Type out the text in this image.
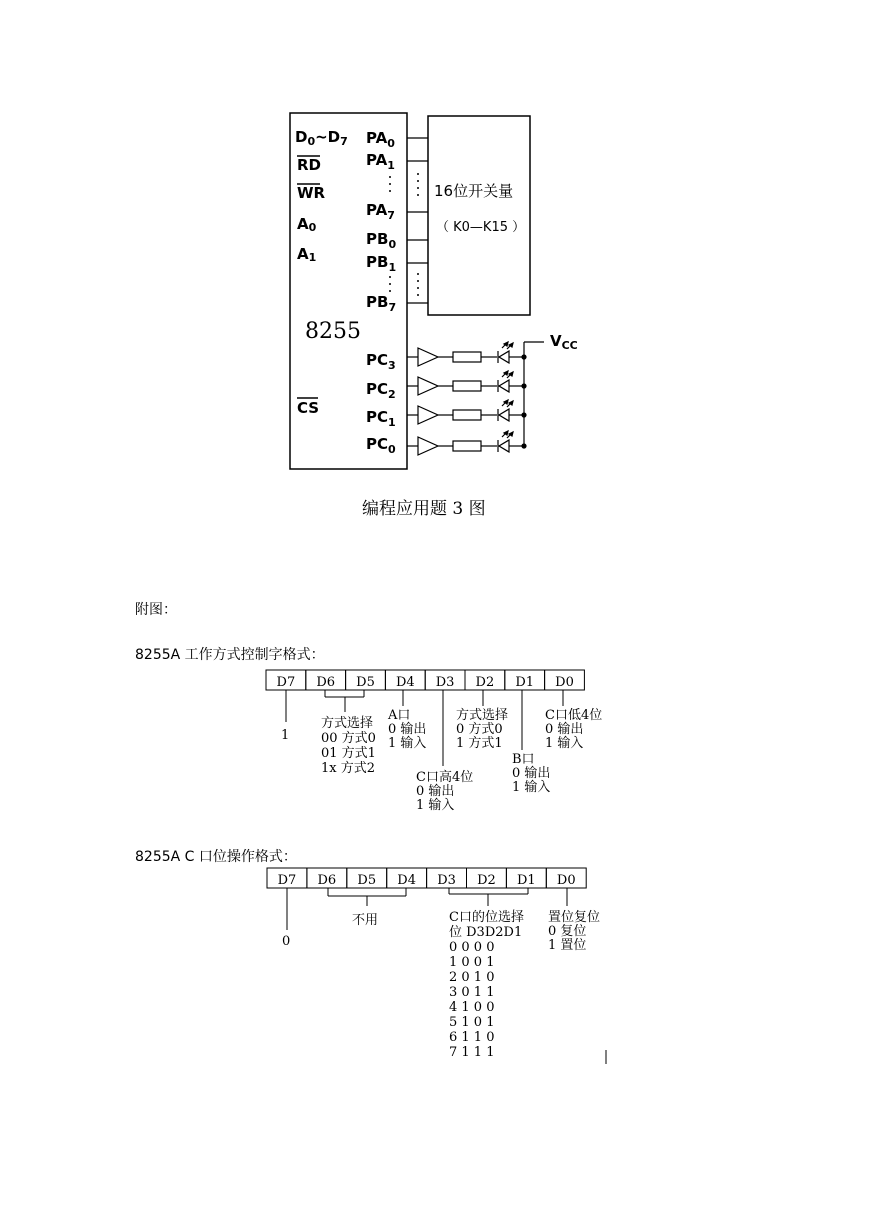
$D_0\sim D_7$
RD
WR
A0
A1
CS
8255
$PA_0$
$PA_1$
$PA_7$
$PB_0$
$PB_1$
$PB_7$
$PC_3$
$PC_2$
$PC_1$
$PC_0$
16位开关量
（ K0—K15 ）
$V_{CC}$
编程应用题 3 图
附图：
8255A 工作方式控制字格式：
8255A C 口位操作格式：
D7 D6 D5 D4 D3 D2 D1 D0
1
方式选择
00 方式0
01 方式1
1x 方式2
A口
0 输出
1 输入
C口高4位
0 输出
1 输入
方式选择
0 方式0
1 方式1
B口
0 输出
1 输入
C口低4位
0 输出
1 输入
D7 D6 D5 D4 D3 D2 D1 D0
0
不用	C口的位选择
位 D3D2D1
0 0 0 0
1 0 0 1
2 0 1 0
3 0 1 1
4 1 0 0
5 1 0 1
6 1 1 0
7 1 1 1
置位复位
0 复位
1 置位
